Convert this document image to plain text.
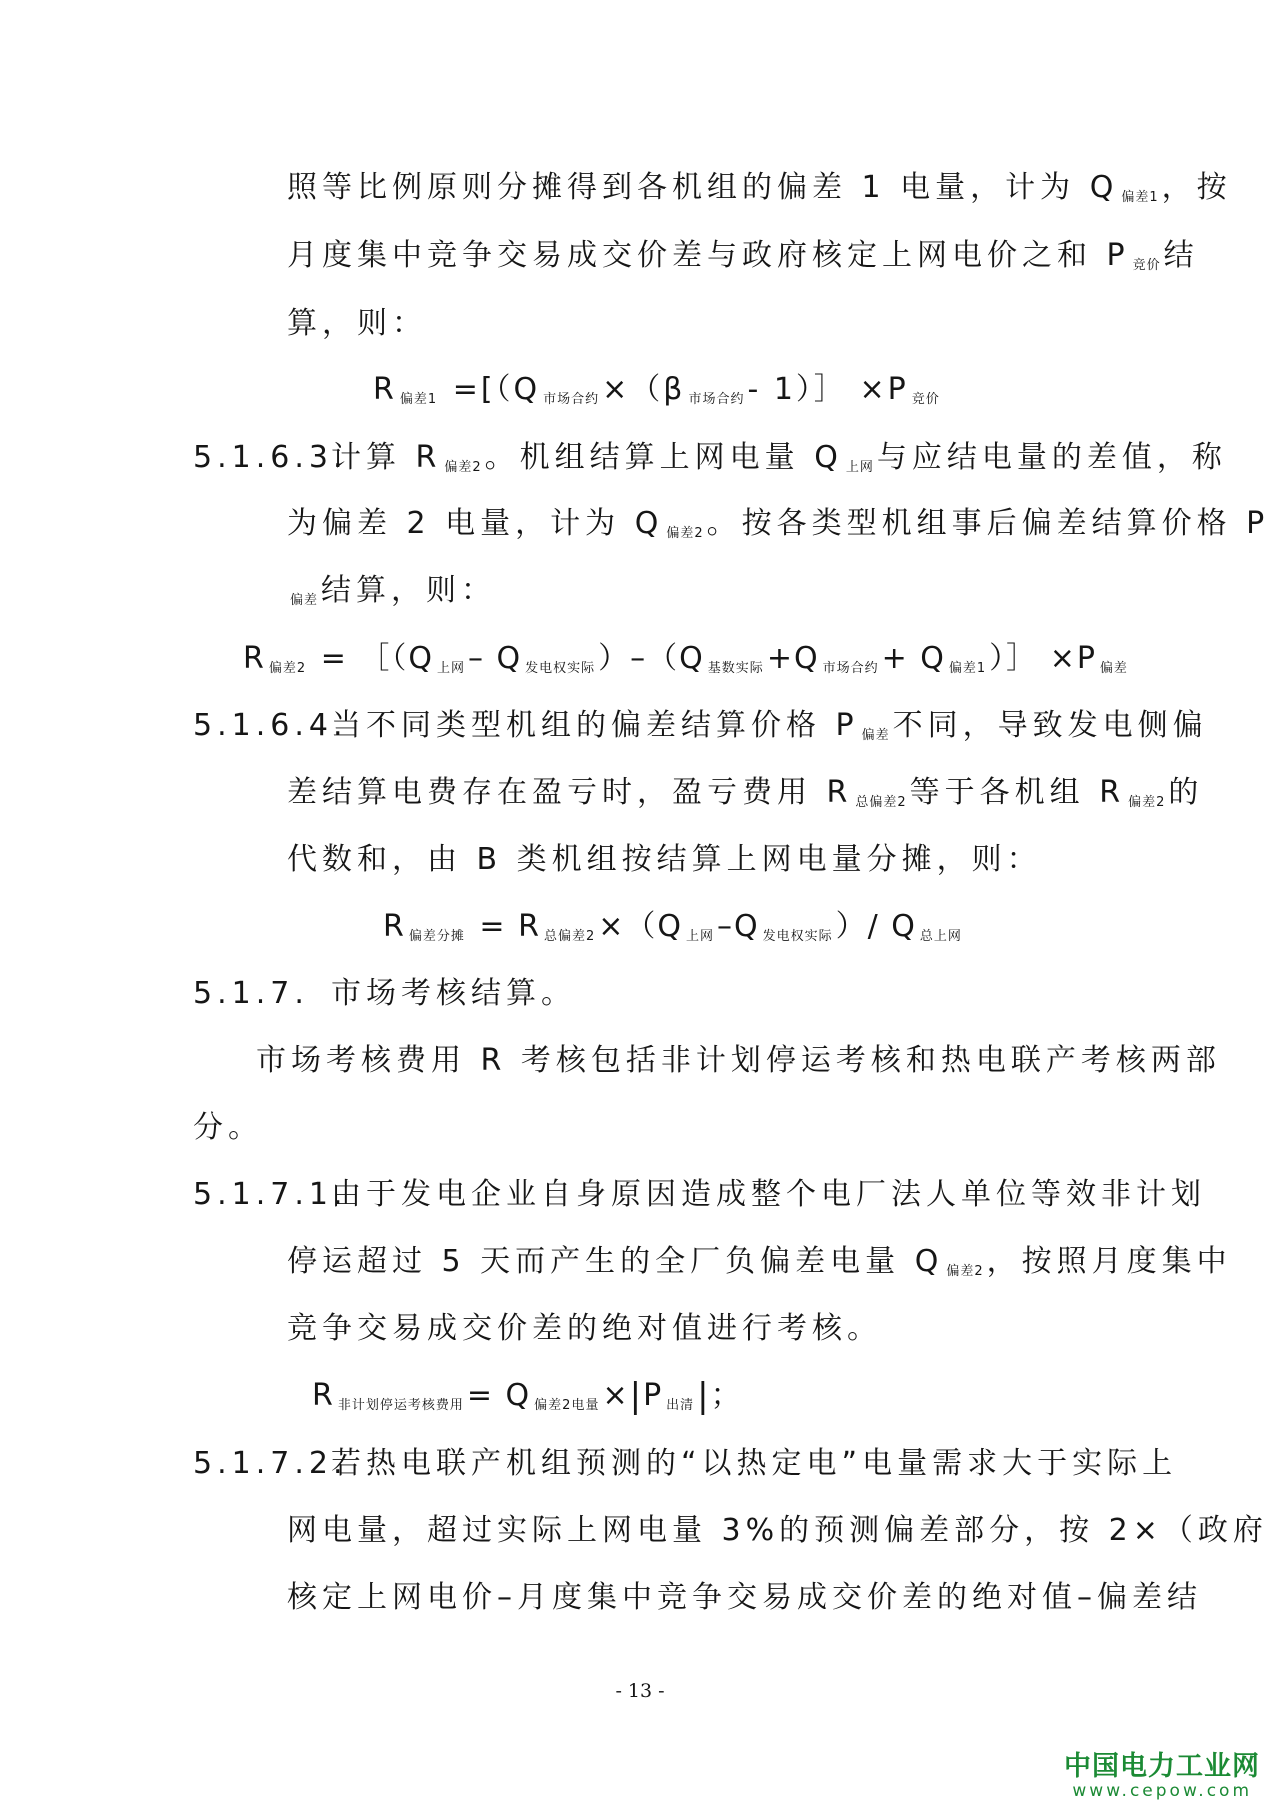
照等比例原则分摊得到各机组的偏差 1 电量，计为 Q $_{偏差1}$ ，按
月度集中竞争交易成交价差与政府核定上网电价之和 P $_{竞价}$ 结
算，则：
R $_{偏差1}$ =[（Q $_{市场合约}$ ×（β $_{市场合约}$ - 1）］ ×P $_{竞价}$
5.1.6.3.
计算 R $_{偏差2}$ 。机组结算上网电量 Q $_{上网}$ 与应结电量的差值，称
为偏差 2 电量，计为 Q $_{偏差2}$ 。按各类型机组事后偏差结算价格 P
$_{偏差}$ 结算，则：
R $_{偏差2}$ = ［（Q $_{上网}$ – Q $_{发电权实际}$ ）–（Q $_{基数实际}$ +Q $_{市场合约}$ + Q $_{偏差1}$ ）］ ×P $_{偏差}$
5.1.6.4.
当不同类型机组的偏差结算价格 P $_{偏差}$ 不同，导致发电侧偏
差结算电费存在盈亏时，盈亏费用 R $_{总偏差2}$ 等于各机组 R $_{偏差2}$ 的
代数和，由 B 类机组按结算上网电量分摊，则：
R $_{偏差分摊}$ = R $_{总偏差2}$ ×（Q $_{上网}$ –Q $_{发电权实际}$ ）/ Q $_{总上网}$
5.1.7. 市场考核结算。
市场考核费用 R 考核包括非计划停运考核和热电联产考核两部
分。
5.1.7.1.
由于发电企业自身原因造成整个电厂法人单位等效非计划
停运超过 5 天而产生的全厂负偏差电量 Q $_{偏差2}$ ，按照月度集中
竞争交易成交价差的绝对值进行考核。
R $_{非计划停运考核费用}$ = Q $_{偏差2电量}$ ×|P $_{出清}$|；
5.1.7.2.
若热电联产机组预测的“以热定电”电量需求大于实际上
网电量，超过实际上网电量 3%的预测偏差部分，按 2×（政府
核定上网电价–月度集中竞争交易成交价差的绝对值–偏差结
- 13 -
中国电力工业网
www.cepow.com
